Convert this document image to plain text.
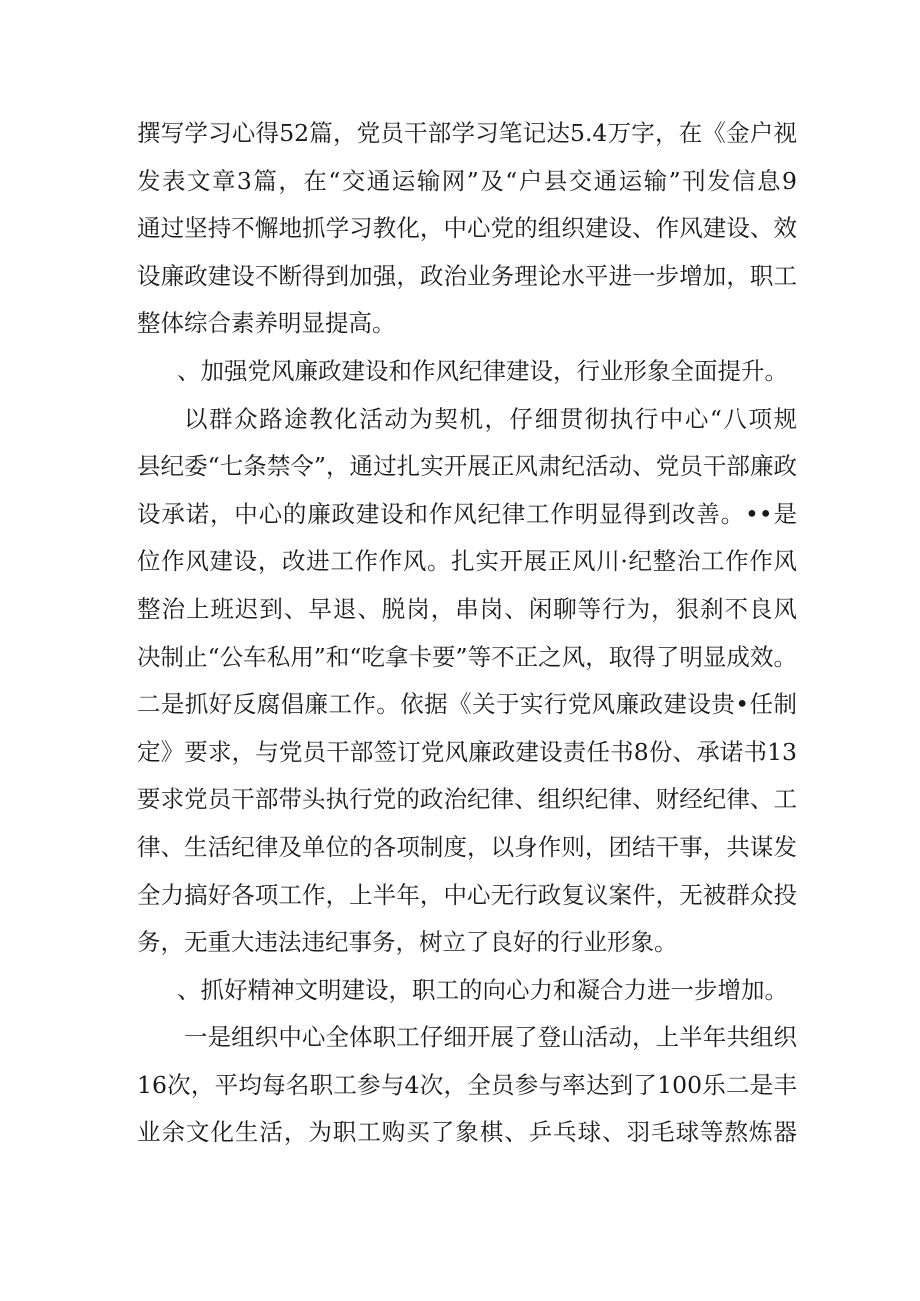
撰写学习心得52篇，党员干部学习笔记达5.4万字，在《金户视
发表文章3篇，在“交通运输网”及“户县交通运输”刊发信息9
通过坚持不懈地抓学习教化，中心党的组织建设、作风建设、效
设廉政建设不断得到加强，政治业务理论水平进一步增加，职工
整体综合素养明显提高。
、加强党风廉政建设和作风纪律建设，行业形象全面提升。
以群众路途教化活动为契机，仔细贯彻执行中心“八项规
县纪委“七条禁令”，通过扎实开展正风肃纪活动、党员干部廉政
设承诺，中心的廉政建设和作风纪律工作明显得到改善。••是
位作风建设，改进工作作风。扎实开展正风川·纪整治工作作风
整治上班迟到、早退、脱岗，串岗、闲聊等行为，狠刹不良风
决制止“公车私用”和“吃拿卡要”等不正之风，取得了明显成效。
二是抓好反腐倡廉工作。依据《关于实行党风廉政建设贵•任制
定》要求，与党员干部签订党风廉政建设责任书8份、承诺书13
要求党员干部带头执行党的政治纪律、组织纪律、财经纪律、工
律、生活纪律及单位的各项制度，以身作则，团结干事，共谋发
全力搞好各项工作，上半年，中心无行政复议案件，无被群众投
务，无重大违法违纪事务，树立了良好的行业形象。
、抓好精神文明建设，职工的向心力和凝合力进一步增加。
一是组织中心全体职工仔细开展了登山活动，上半年共组织
16次，平均每名职工参与4次，全员参与率达到了100乐二是丰
业余文化生活，为职工购买了象棋、乒乓球、羽毛球等熬炼器
